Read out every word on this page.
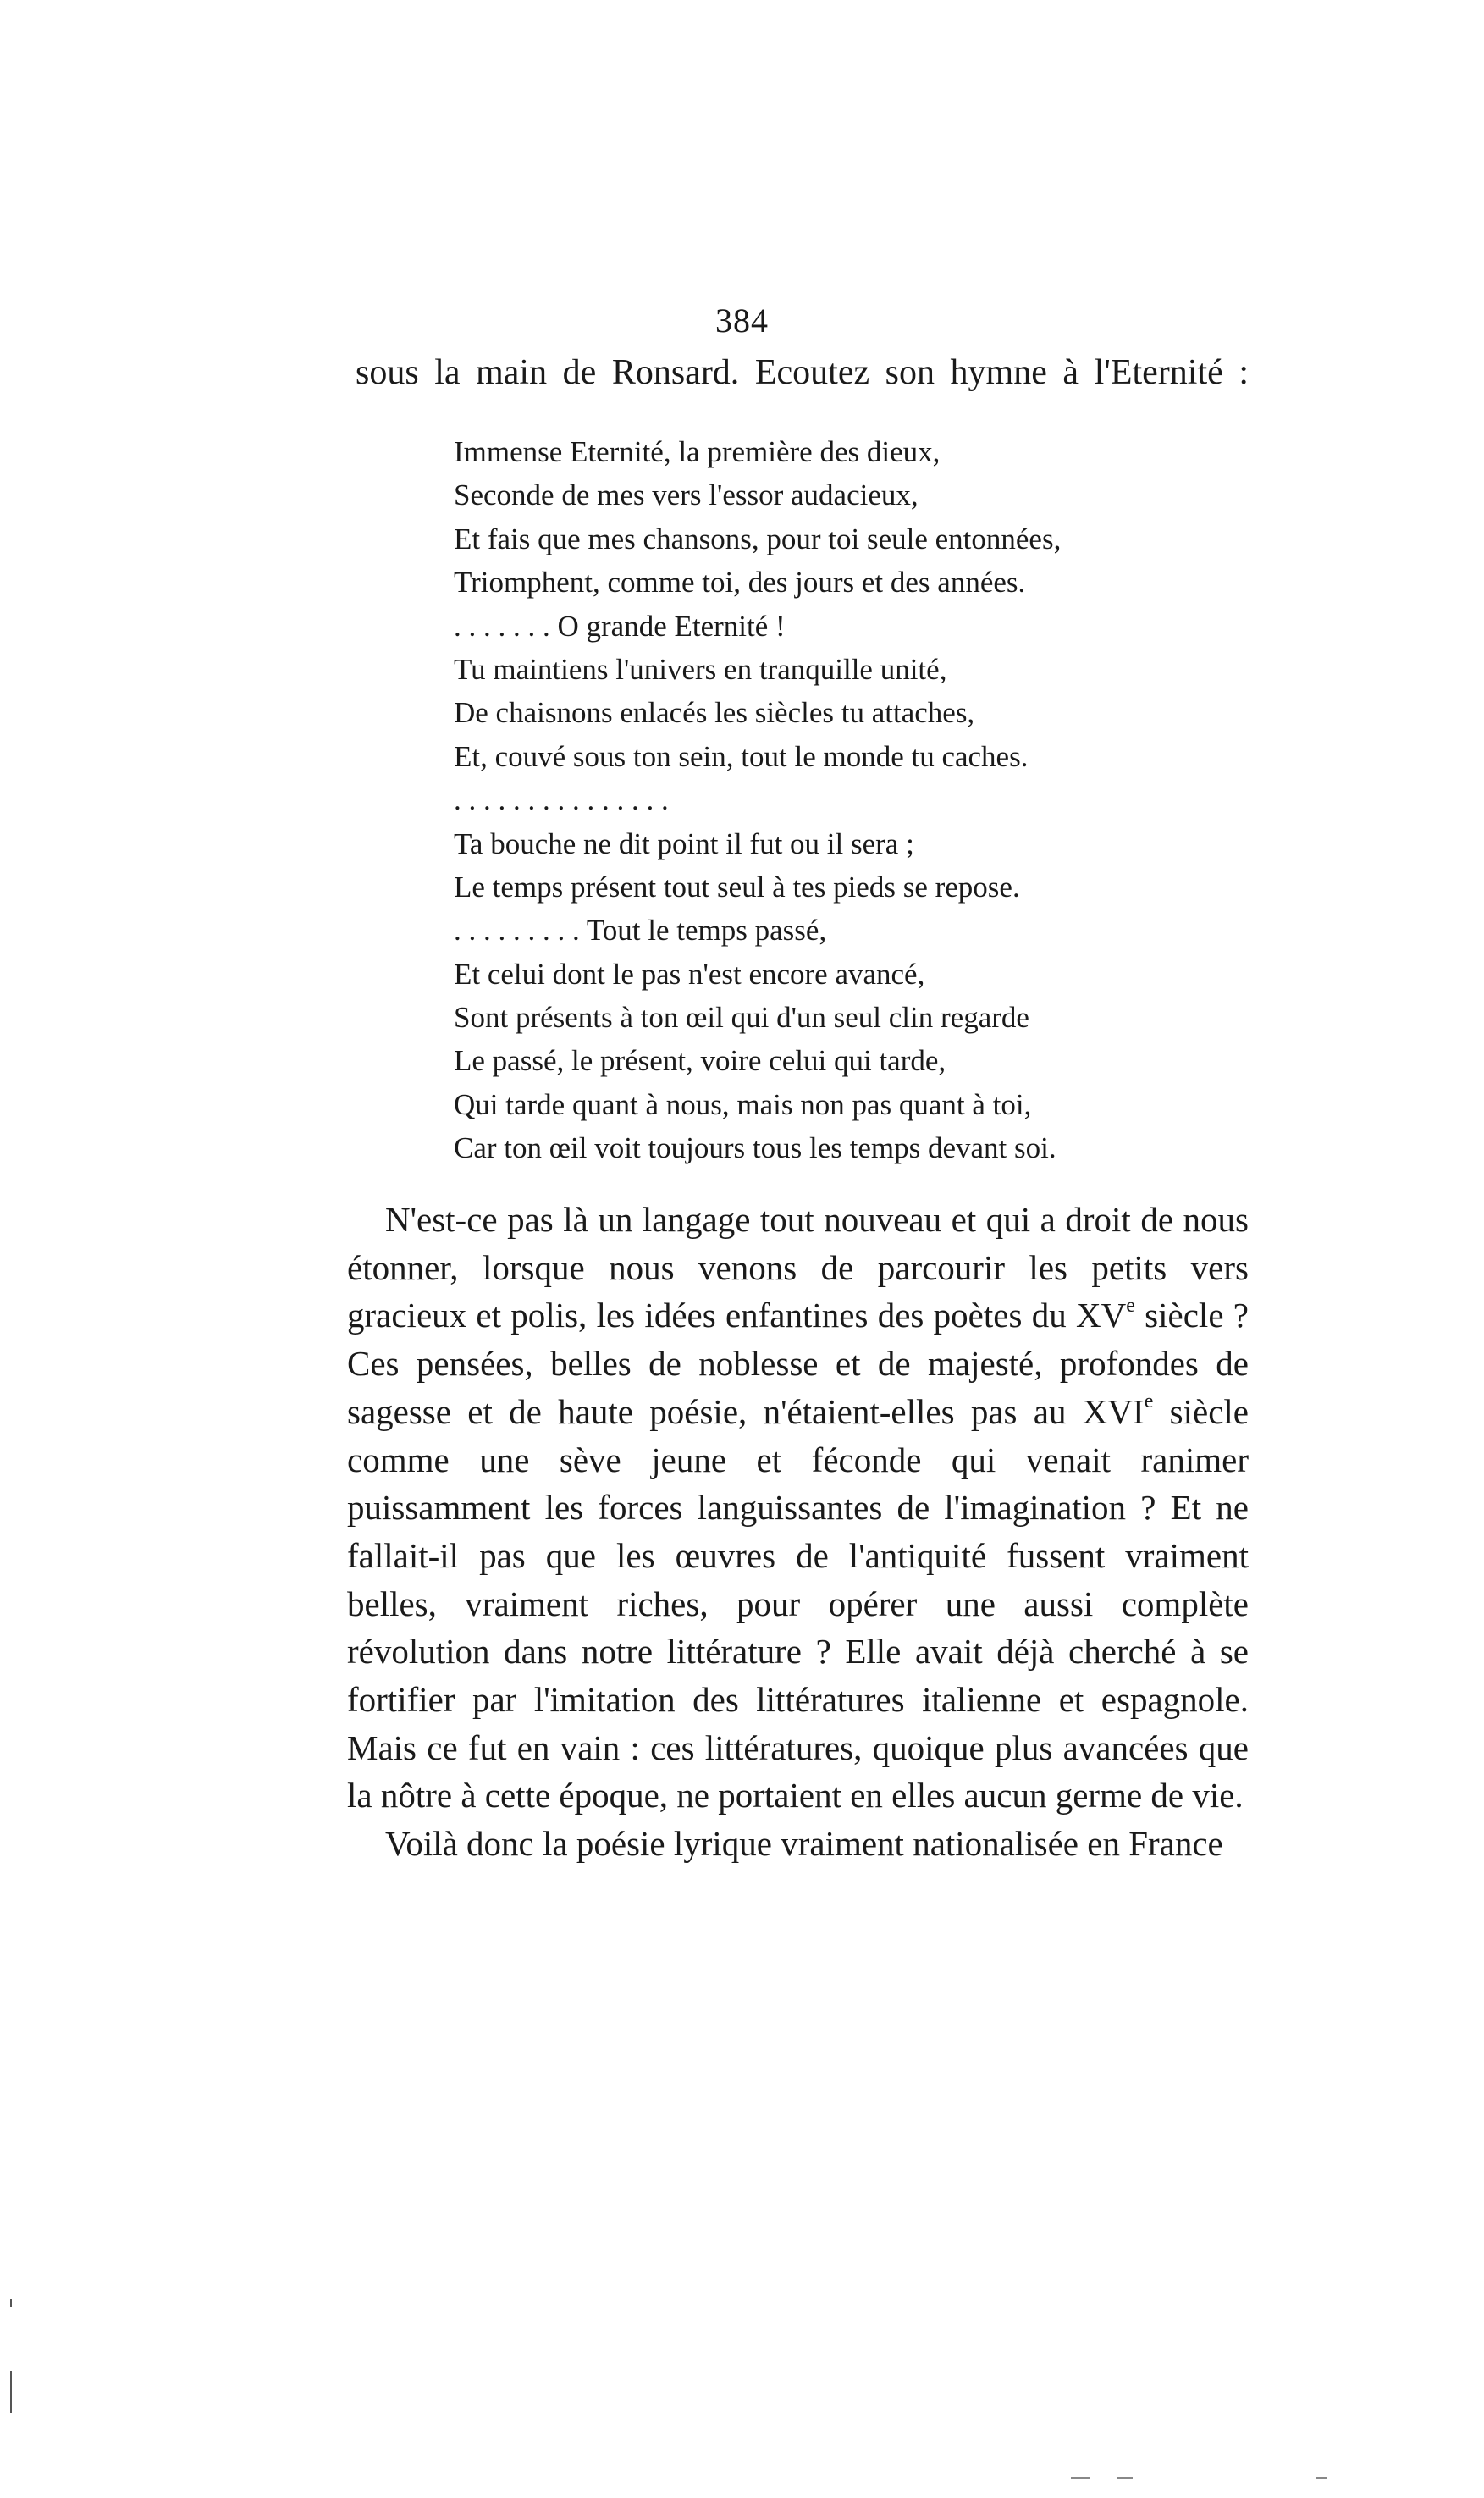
384
sous la main de Ronsard. Ecoutez son hymne à l'Eternité :
Immense Eternité, la première des dieux,
Seconde de mes vers l'essor audacieux,
Et fais que mes chansons, pour toi seule entonnées,
Triomphent, comme toi, des jours et des années.
. . . . . . . O grande Eternité !
Tu maintiens l'univers en tranquille unité,
De chaisnons enlacés les siècles tu attaches,
Et, couvé sous ton sein, tout le monde tu caches.
. . . . . . . . . . . . . . .
Ta bouche ne dit point il fut ou il sera ;
Le temps présent tout seul à tes pieds se repose.
. . . . . . . . . Tout le temps passé,
Et celui dont le pas n'est encore avancé,
Sont présents à ton œil qui d'un seul clin regarde
Le passé, le présent, voire celui qui tarde,
Qui tarde quant à nous, mais non pas quant à toi,
Car ton œil voit toujours tous les temps devant soi.

N'est-ce pas là un langage tout nouveau et qui a droit de nous étonner, lorsque nous venons de parcourir les petits vers gracieux et polis, les idées enfantines des poètes du XVe siècle ? Ces pensées, belles de noblesse et de majesté, profondes de sagesse et de haute poésie, n'étaient-elles pas au XVIe siècle comme une sève jeune et féconde qui venait ranimer puissamment les forces languissantes de l'imagination ? Et ne fallait-il pas que les œuvres de l'antiquité fussent vraiment belles, vraiment riches, pour opérer une aussi complète révolution dans notre littérature ? Elle avait déjà cherché à se fortifier par l'imitation des littératures italienne et espagnole. Mais ce fut en vain : ces littératures, quoique plus avancées que la nôtre à cette époque, ne portaient en elles aucun germe de vie.

Voilà donc la poésie lyrique vraiment nationalisée en France
